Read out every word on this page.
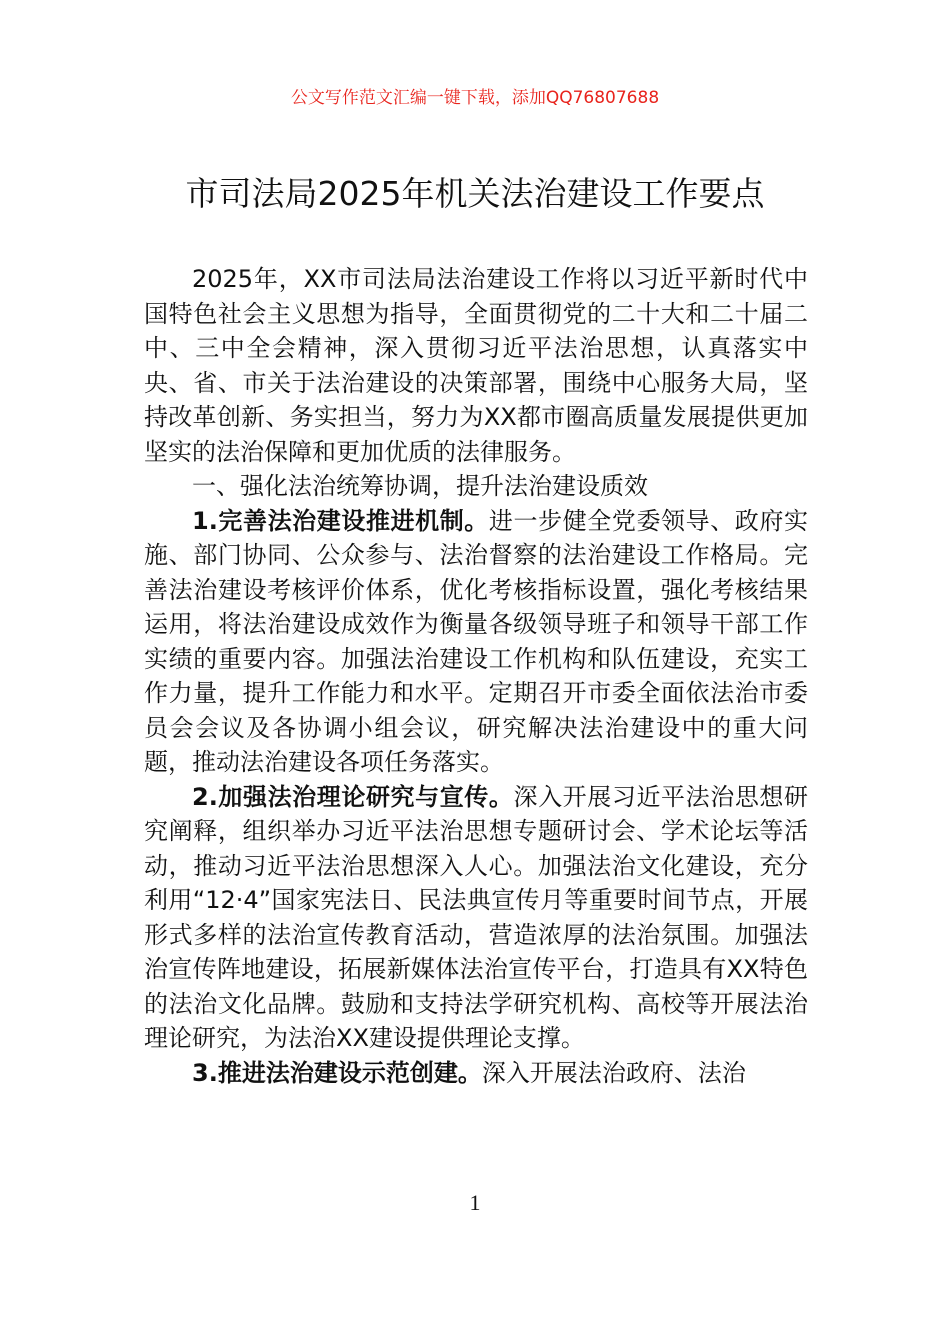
公文写作范文汇编一键下载，添加QQ76807688
市司法局2025年机关法治建设工作要点

2025年，XX市司法局法治建设工作将以习近平新时代中国特色社会主义思想为指导，全面贯彻党的二十大和二十届二中、三中全会精神，深入贯彻习近平法治思想，认真落实中央、省、市关于法治建设的决策部署，围绕中心服务大局，坚持改革创新、务实担当，努力为XX都市圈高质量发展提供更加坚实的法治保障和更加优质的法律服务。

一、强化法治统筹协调，提升法治建设质效

1.完善法治建设推进机制。进一步健全党委领导、政府实施、部门协同、公众参与、法治督察的法治建设工作格局。完善法治建设考核评价体系，优化考核指标设置，强化考核结果运用，将法治建设成效作为衡量各级领导班子和领导干部工作实绩的重要内容。加强法治建设工作机构和队伍建设，充实工作力量，提升工作能力和水平。定期召开市委全面依法治市委员会会议及各协调小组会议，研究解决法治建设中的重大问题，推动法治建设各项任务落实。

2.加强法治理论研究与宣传。深入开展习近平法治思想研究阐释，组织举办习近平法治思想专题研讨会、学术论坛等活动，推动习近平法治思想深入人心。加强法治文化建设，充分利用“12·4”国家宪法日、民法典宣传月等重要时间节点，开展形式多样的法治宣传教育活动，营造浓厚的法治氛围。加强法治宣传阵地建设，拓展新媒体法治宣传平台，打造具有XX特色的法治文化品牌。鼓励和支持法学研究机构、高校等开展法治理论研究，为法治XX建设提供理论支撑。

3.推进法治建设示范创建。深入开展法治政府、法治

1
